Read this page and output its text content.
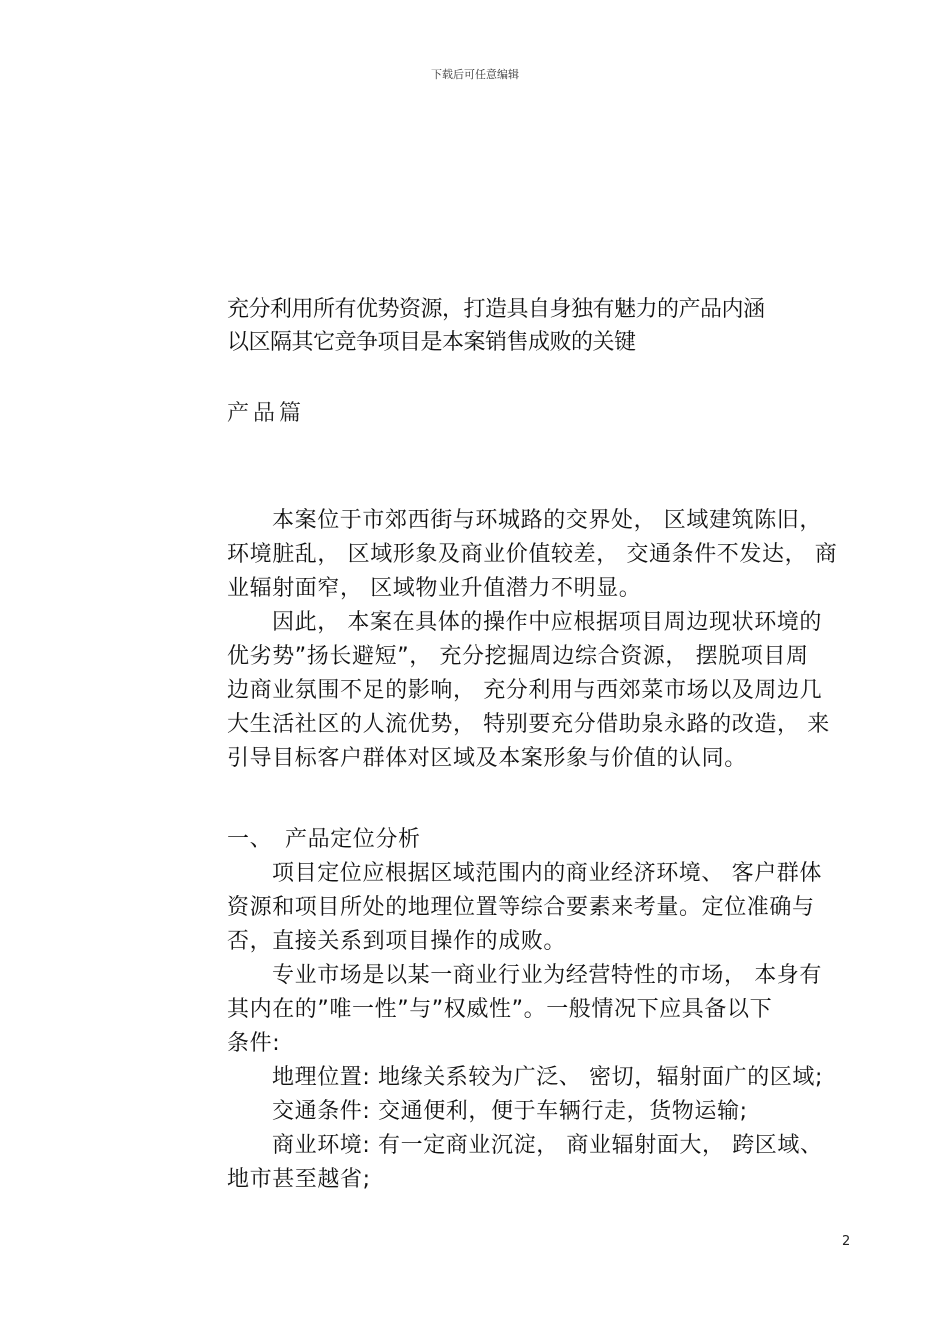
下载后可任意编辑
充分利用所有优势资源，打造具自身独有魅力的产品内涵
以区隔其它竞争项目是本案销售成败的关键
产品篇
本案位于市郊西街与环城路的交界处， 区域建筑陈旧，
环境脏乱， 区域形象及商业价值较差， 交通条件不发达， 商
业辐射面窄， 区域物业升值潜力不明显。
因此， 本案在具体的操作中应根据项目周边现状环境的
优劣势”扬长避短”， 充分挖掘周边综合资源， 摆脱项目周
边商业氛围不足的影响， 充分利用与西郊菜市场以及周边几
大生活社区的人流优势， 特别要充分借助泉永路的改造， 来
引导目标客户群体对区域及本案形象与价值的认同。
一、 产品定位分析
项目定位应根据区域范围内的商业经济环境、 客户群体
资源和项目所处的地理位置等综合要素来考量。定位准确与
否，直接关系到项目操作的成败。
专业市场是以某一商业行业为经营特性的市场， 本身有
其内在的”唯一性”与”权威性”。一般情况下应具备以下
条件:
地理位置: 地缘关系较为广泛、 密切，辐射面广的区域;
交通条件: 交通便利，便于车辆行走，货物运输;
商业环境: 有一定商业沉淀， 商业辐射面大， 跨区域、
地市甚至越省;
2
